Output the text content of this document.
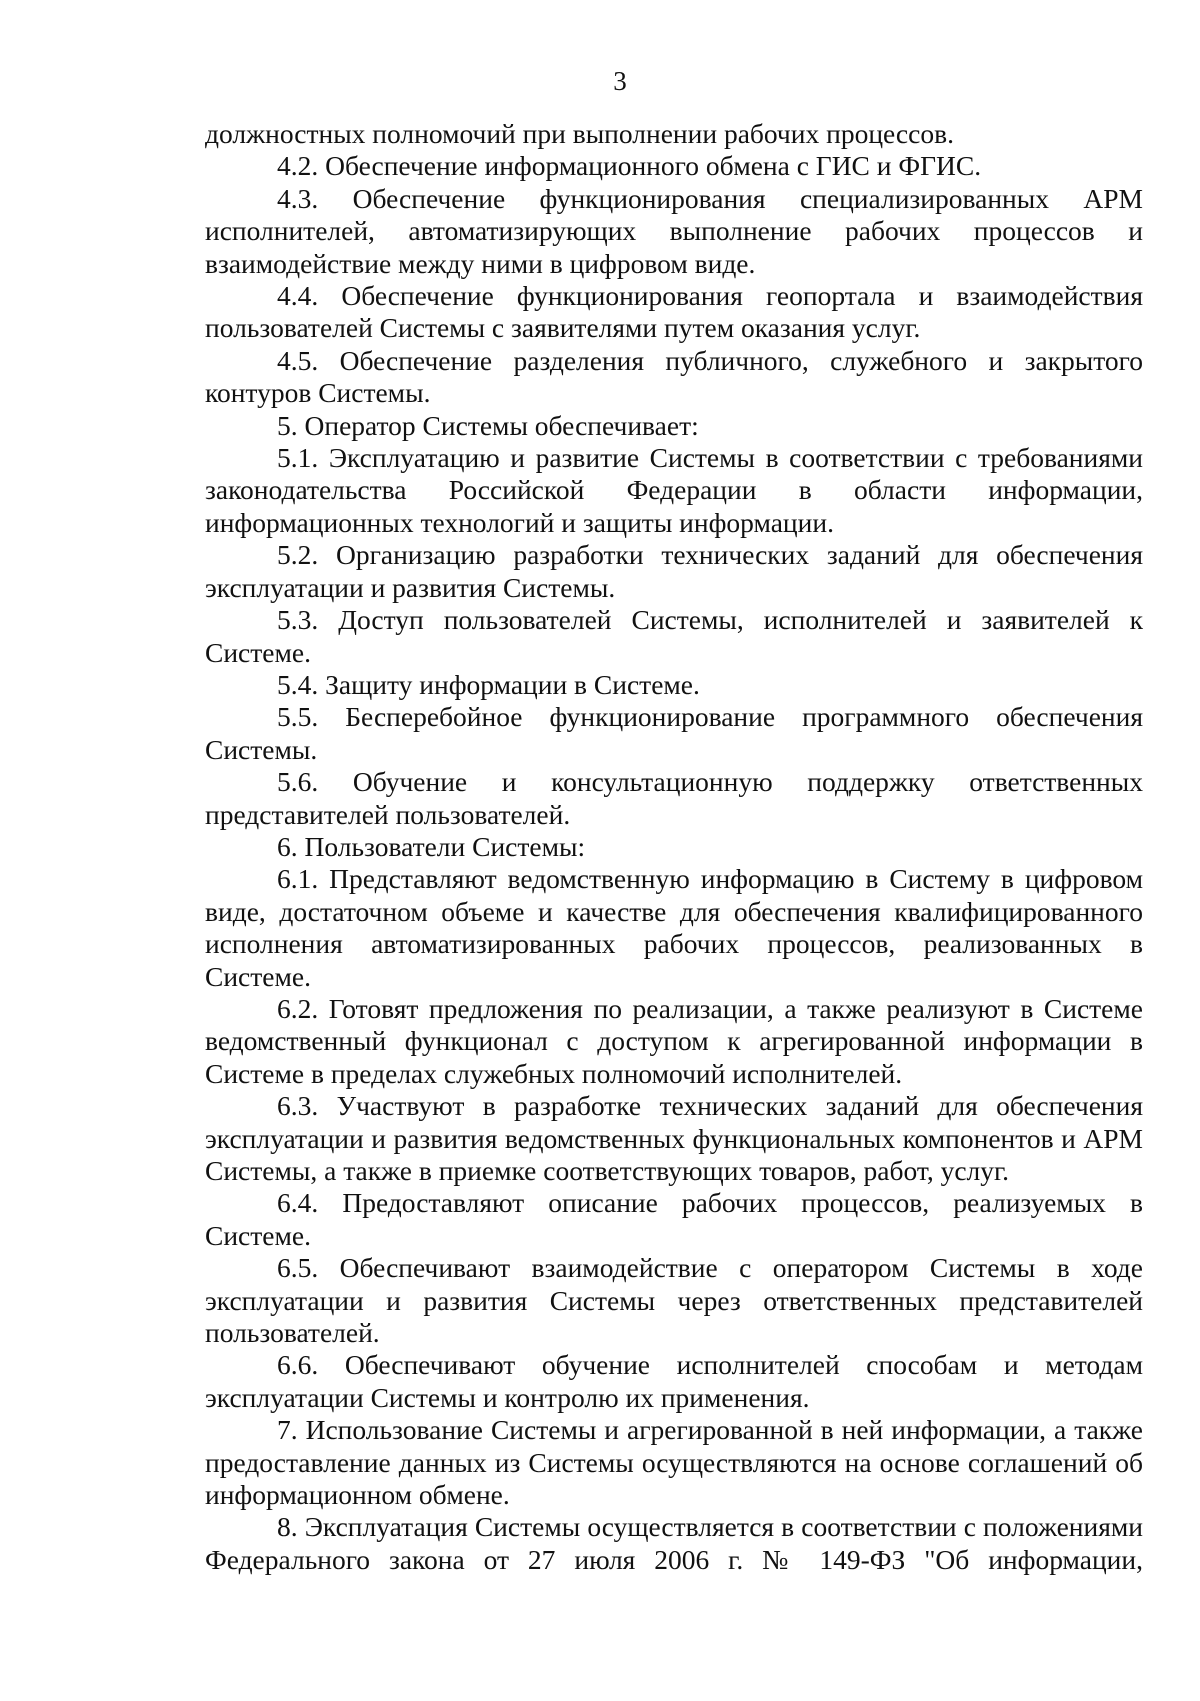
3

должностных полномочий при выполнении рабочих процессов.

4.2. Обеспечение информационного обмена с ГИС и ФГИС.

4.3. Обеспечение функционирования специализированных АРМ исполнителей, автоматизирующих выполнение рабочих процессов и взаимодействие между ними в цифровом виде.

4.4. Обеспечение функционирования геопортала и взаимодействия пользователей Системы с заявителями путем оказания услуг.

4.5. Обеспечение разделения публичного, служебного и закрытого контуров Системы.

5. Оператор Системы обеспечивает:

5.1. Эксплуатацию и развитие Системы в соответствии с требованиями законодательства Российской Федерации в области информации, информационных технологий и защиты информации.

5.2. Организацию разработки технических заданий для обеспечения эксплуатации и развития Системы.

5.3. Доступ пользователей Системы, исполнителей и заявителей к Системе.

5.4. Защиту информации в Системе.

5.5. Бесперебойное функционирование программного обеспечения Системы.

5.6. Обучение и консультационную поддержку ответственных представителей пользователей.

6. Пользователи Системы:

6.1. Представляют ведомственную информацию в Систему в цифровом виде, достаточном объеме и качестве для обеспечения квалифицированного исполнения автоматизированных рабочих процессов, реализованных в Системе.

6.2. Готовят предложения по реализации, а также реализуют в Системе ведомственный функционал с доступом к агрегированной информации в Системе в пределах служебных полномочий исполнителей.

6.3. Участвуют в разработке технических заданий для обеспечения эксплуатации и развития ведомственных функциональных компонентов и АРМ Системы, а также в приемке соответствующих товаров, работ, услуг.

6.4. Предоставляют описание рабочих процессов, реализуемых в Системе.

6.5. Обеспечивают взаимодействие с оператором Системы в ходе эксплуатации и развития Системы через ответственных представителей пользователей.

6.6. Обеспечивают обучение исполнителей способам и методам эксплуатации Системы и контролю их применения.

7. Использование Системы и агрегированной в ней информации, а также предоставление данных из Системы осуществляются на основе соглашений об информационном обмене.

8. Эксплуатация Системы осуществляется в соответствии с положениями Федерального закона от 27 июля 2006 г. № 149-ФЗ "Об информации,
